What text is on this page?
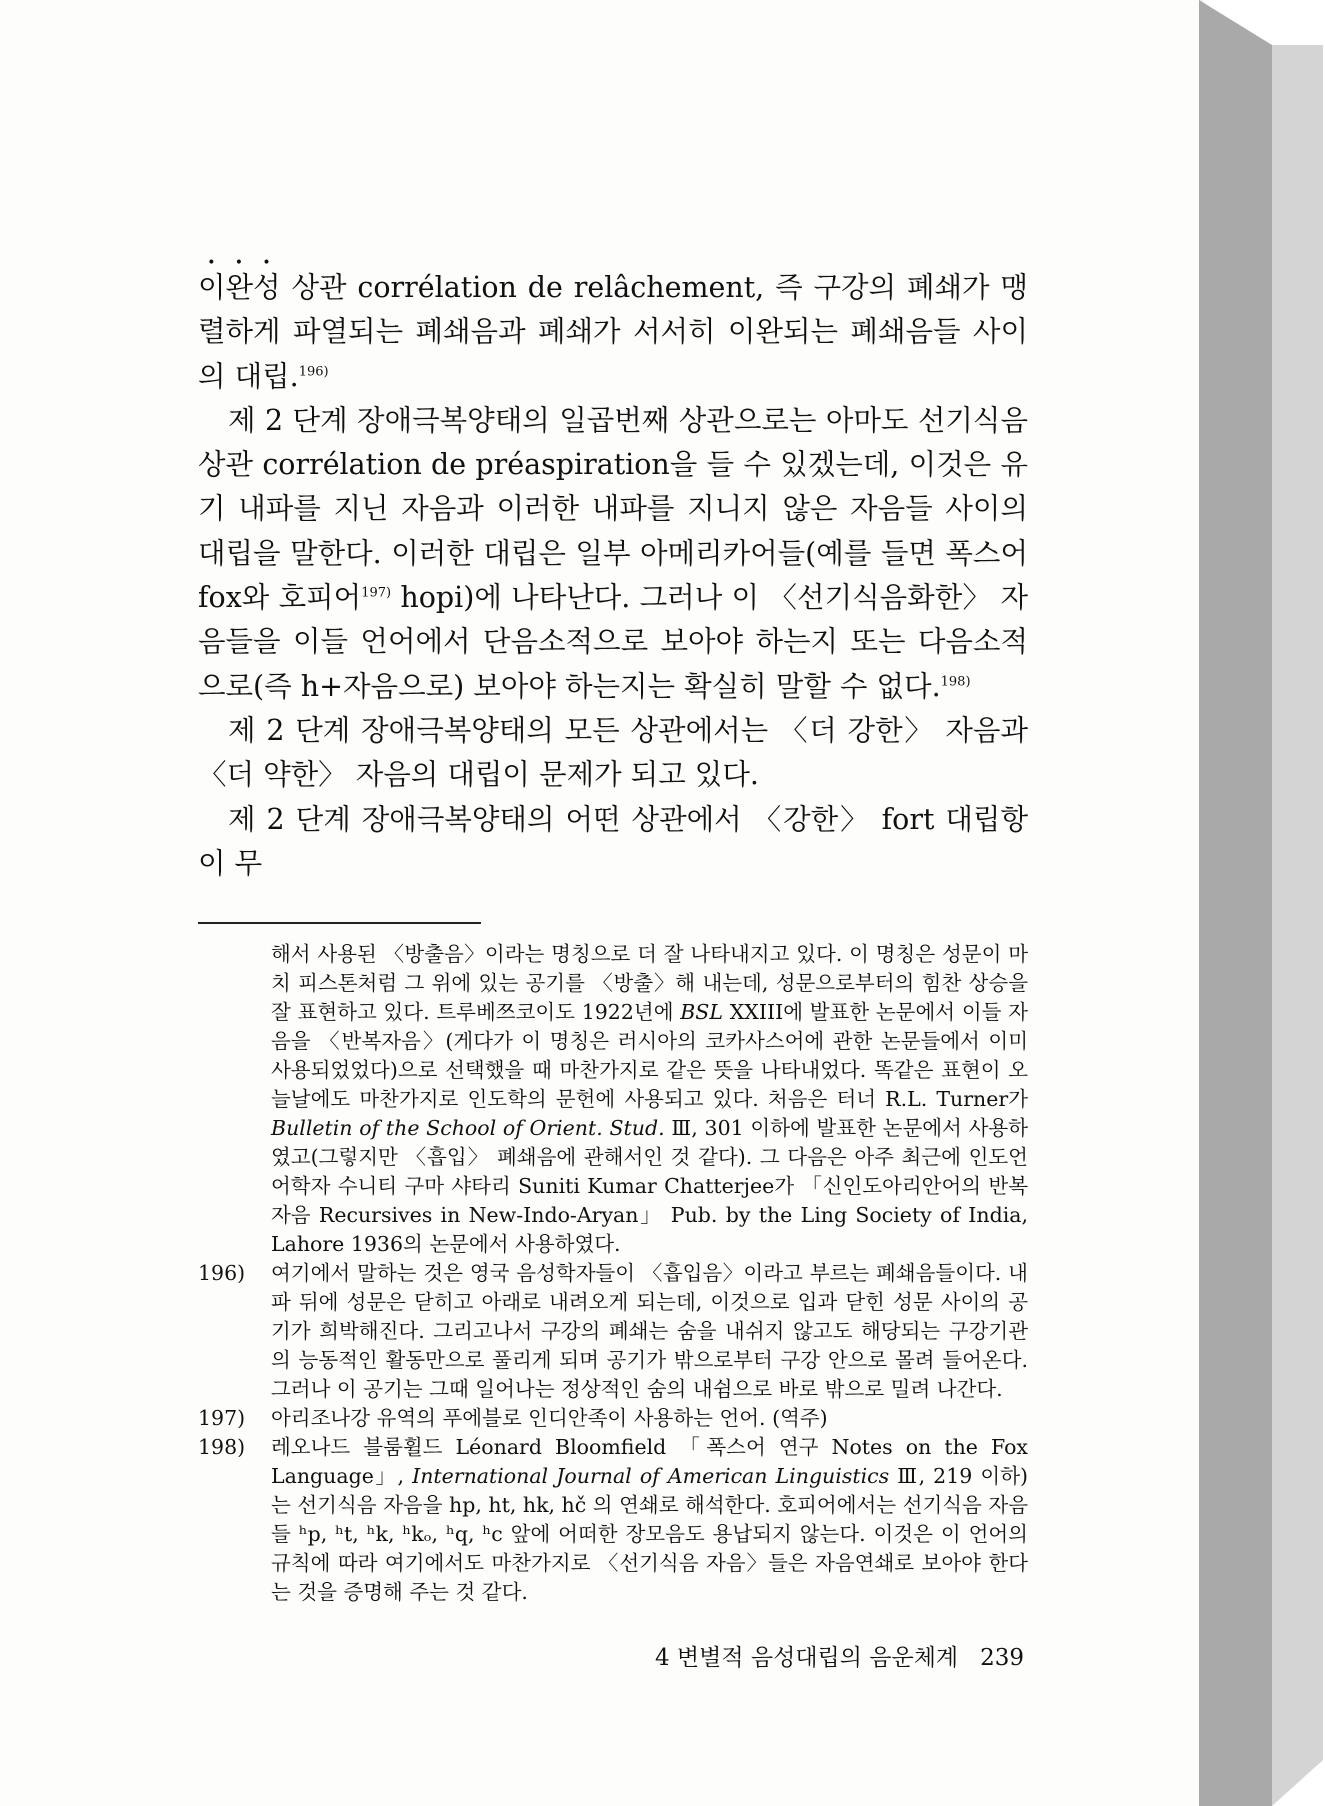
이완성 상관 corrélation de relâchement, 즉 구강의 폐쇄가 맹렬하게 파열되는 폐쇄음과 폐쇄가 서서히 이완되는 폐쇄음들 사이의 대립.$^{196)}$

제 2 단계 장애극복양태의 일곱번째 상관으로는 아마도 선기식음 상관 corrélation de préaspiration을 들 수 있겠는데, 이것은 유기 내파를 지닌 자음과 이러한 내파를 지니지 않은 자음들 사이의 대립을 말한다. 이러한 대립은 일부 아메리카어들(예를 들면 폭스어 fox와 호피어$^{197)}$ hopi)에 나타난다. 그러나 이 〈선기식음화한〉 자음들을 이들 언어에서 단음소적으로 보아야 하는지 또는 다음소적으로(즉 h+자음으로) 보아야 하는지는 확실히 말할 수 없다.$^{198)}$

제 2 단계 장애극복양태의 모든 상관에서는 〈더 강한〉 자음과 〈더 약한〉 자음의 대립이 문제가 되고 있다.

제 2 단계 장애극복양태의 어떤 상관에서 〈강한〉 fort 대립항이 무

해서 사용된 〈방출음〉이라는 명칭으로 더 잘 나타내지고 있다. 이 명칭은 성문이 마치 피스톤처럼 그 위에 있는 공기를 〈방출〉해 내는데, 성문으로부터의 힘찬 상승을 잘 표현하고 있다. 트루베쯔코이도 1922년에 BSL XXIII에 발표한 논문에서 이들 자음을 〈반복자음〉(게다가 이 명칭은 러시아의 코카사스어에 관한 논문들에서 이미 사용되었었다)으로 선택했을 때 마찬가지로 같은 뜻을 나타내었다. 똑같은 표현이 오늘날에도 마찬가지로 인도학의 문헌에 사용되고 있다. 처음은 터너 R.L. Turner가 Bulletin of the School of Orient. Stud. Ⅲ, 301 이하에 발표한 논문에서 사용하였고(그렇지만 〈흡입〉 폐쇄음에 관해서인 것 같다). 그 다음은 아주 최근에 인도언어학자 수니티 구마 샤타리 Suniti Kumar Chatterjee가 「신인도아리안어의 반복자음 Recursives in New-Indo-Aryan」 Pub. by the Ling Society of India, Lahore 1936의 논문에서 사용하였다.
196)	여기에서 말하는 것은 영국 음성학자들이 〈흡입음〉이라고 부르는 폐쇄음들이다. 내파 뒤에 성문은 닫히고 아래로 내려오게 되는데, 이것으로 입과 닫힌 성문 사이의 공기가 희박해진다. 그리고나서 구강의 폐쇄는 숨을 내쉬지 않고도 해당되는 구강기관의 능동적인 활동만으로 풀리게 되며 공기가 밖으로부터 구강 안으로 몰려 들어온다. 그러나 이 공기는 그때 일어나는 정상적인 숨의 내쉼으로 바로 밖으로 밀려 나간다.
197)	아리조나강 유역의 푸에블로 인디안족이 사용하는 언어. (역주)
198)	레오나드 블룸휠드 Léonard Bloomfield 「폭스어 연구 Notes on the Fox Language」, International Journal of American Linguistics Ⅲ, 219 이하) 는 선기식음 자음을 hp, ht, hk, hč 의 연쇄로 해석한다. 호피어에서는 선기식음 자음들 ʰp, ʰt, ʰk, ʰkₒ, ʰq, ʰc 앞에 어떠한 장모음도 용납되지 않는다. 이것은 이 언어의 규칙에 따라 여기에서도 마찬가지로 〈선기식음 자음〉들은 자음연쇄로 보아야 한다는 것을 증명해 주는 것 같다.
4 변별적 음성대립의 음운체계 239
